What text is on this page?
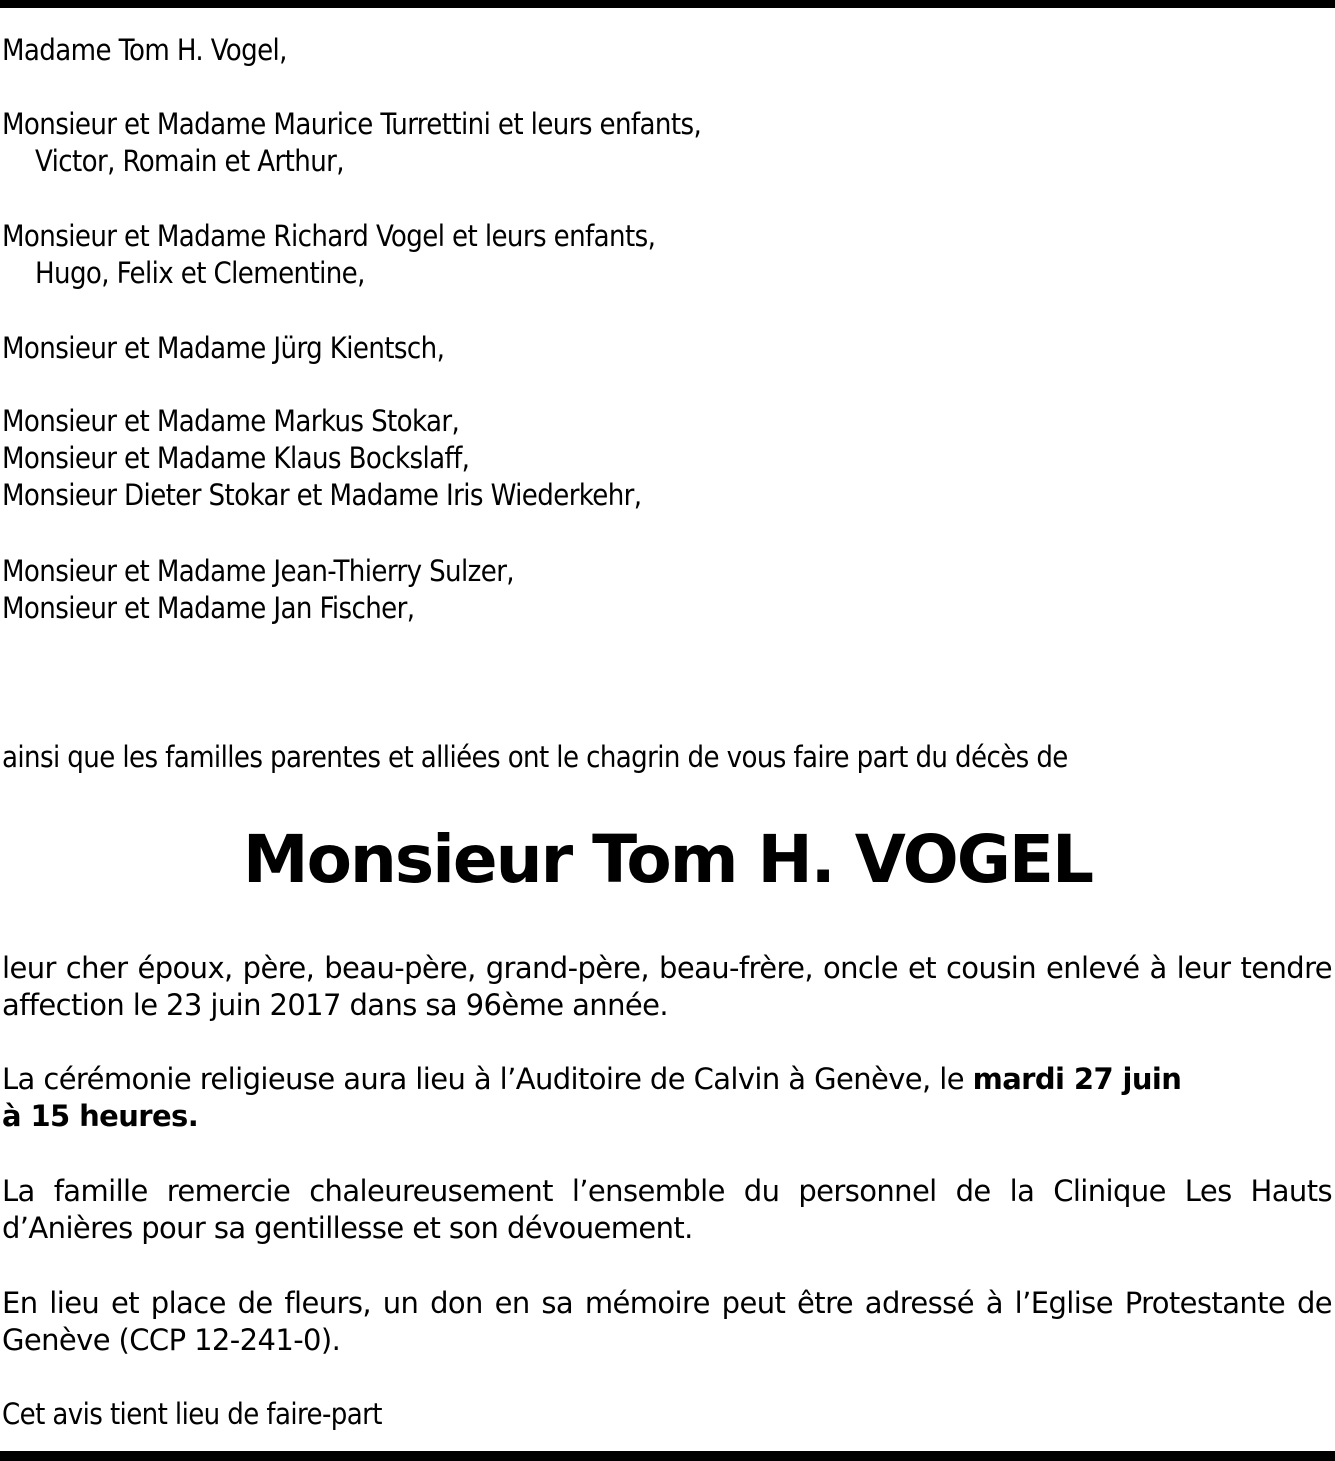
Madame Tom H. Vogel,

Monsieur et Madame Maurice Turrettini et leurs enfants,

Victor, Romain et Arthur,

Monsieur et Madame Richard Vogel et leurs enfants,

Hugo, Felix et Clementine,

Monsieur et Madame Jürg Kientsch,

Monsieur et Madame Markus Stokar,

Monsieur et Madame Klaus Bockslaff,

Monsieur Dieter Stokar et Madame Iris Wiederkehr,

Monsieur et Madame Jean-Thierry Sulzer,

Monsieur et Madame Jan Fischer,

ainsi que les familles parentes et alliées ont le chagrin de vous faire part du décès de

Monsieur Tom H. VOGEL

leur cher époux, père, beau-père, grand-père, beau-frère, oncle et cousin enlevé à leur tendre affection le 23 juin 2017 dans sa 96ème année.

La cérémonie religieuse aura lieu à l’Auditoire de Calvin à Genève, le mardi 27 juin
à 15 heures.

La famille remercie chaleureusement l’ensemble du personnel de la Clinique Les Hauts d’Anières pour sa gentillesse et son dévouement.

En lieu et place de fleurs, un don en sa mémoire peut être adressé à l’Eglise Protestante de Genève (CCP 12-241-0).

Cet avis tient lieu de faire-part
